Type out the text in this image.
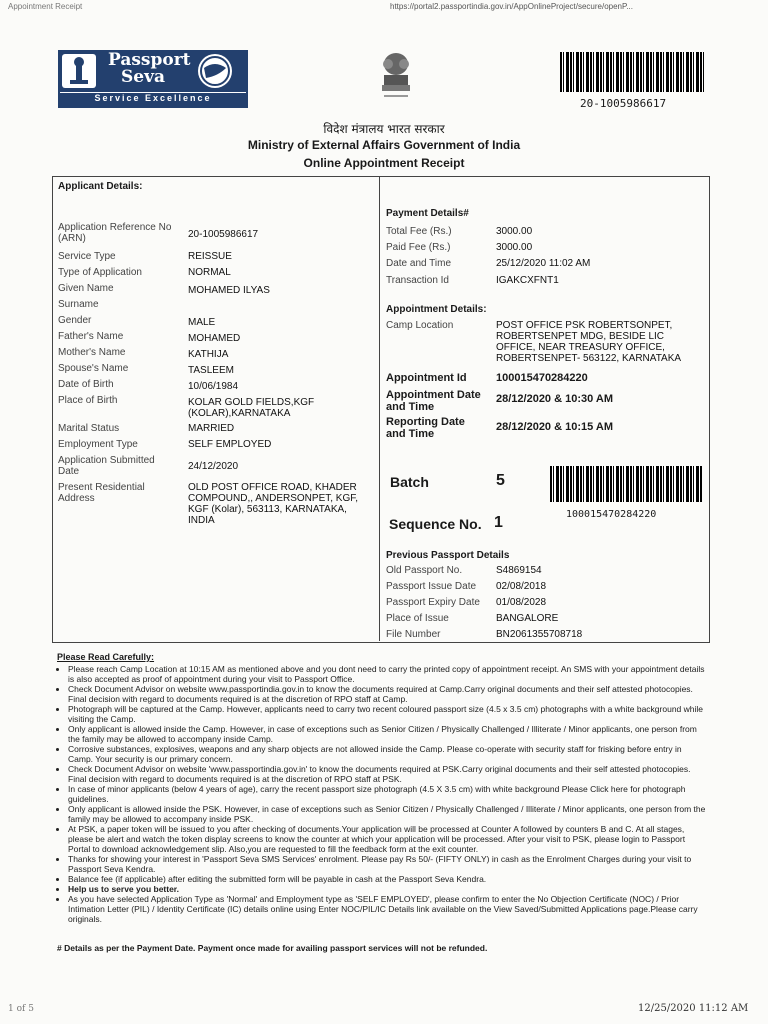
Appointment Receipt	https://portal2.passportindia.gov.in/AppOnlineProject/secure/openP...
Passport
Seva
Service Excellence	20-1005986617
विदेश मंत्रालय भारत सरकार
Ministry of External Affairs Government of India
Online Appointment Receipt
Applicant Details:
Application Reference No (ARN)	20-1005986617
Service Type	REISSUE
Type of Application	NORMAL
Given Name	MOHAMED ILYAS
Surname
Gender	MALE
Father's Name	MOHAMED
Mother's Name	KATHIJA
Spouse's Name	TASLEEM
Date of Birth	10/06/1984
Place of Birth	KOLAR GOLD FIELDS,KGF (KOLAR),KARNATAKA
Marital Status	MARRIED
Employment Type	SELF EMPLOYED
Application Submitted Date	24/12/2020
Present Residential Address
OLD POST OFFICE ROAD, KHADER COMPOUND,, ANDERSONPET, KGF, KGF (Kolar), 563113, KARNATAKA, INDIA
Payment Details#
Total Fee (Rs.)	3000.00
Paid Fee (Rs.)	3000.00
Date and Time	25/12/2020 11:02 AM
Transaction Id	IGAKCXFNT1
Appointment Details:
Camp Location	POST OFFICE PSK ROBERTSONPET, ROBERTSENPET MDG, BESIDE LIC OFFICE, NEAR TREASURY OFFICE, ROBERTSENPET- 563122, KARNATAKA
Appointment Id	100015470284220
Appointment Date and Time
28/12/2020 & 10:30 AM
Reporting Date and Time
28/12/2020 & 10:15 AM
Batch	5
100015470284220
Sequence No. 1
Previous Passport Details
Old Passport No.	S4869154
Passport Issue Date 02/08/2018
Passport Expiry Date 01/08/2028
Place of Issue	BANGALORE
File Number	BN2061355708718
Please Read Carefully:
• Please reach Camp Location at 10:15 AM as mentioned above and you dont need to carry the printed copy of appointment receipt. An SMS with your appointment details is also accepted as proof of appointment during your visit to Passport Office.
• Check Document Advisor on website www.passportindia.gov.in to know the documents required at Camp.Carry original documents and their self attested photocopies. Final decision with regard to documents required is at the discretion of RPO staff at Camp.
• Photograph will be captured at the Camp. However, applicants need to carry two recent coloured passport size (4.5 x 3.5 cm) photographs with a white background while visiting the Camp.
• Only applicant is allowed inside the Camp. However, in case of exceptions such as Senior Citizen / Physically Challenged / Illiterate / Minor applicants, one person from the family may be allowed to accompany inside Camp.
• Corrosive substances, explosives, weapons and any sharp objects are not allowed inside the Camp. Please co-operate with security staff for frisking before entry in Camp. Your security is our primary concern.
• Check Document Advisor on website 'www.passportindia.gov.in' to know the documents required at PSK.Carry original documents and their self attested photocopies. Final decision with regard to documents required is at the discretion of RPO staff at PSK.
• In case of minor applicants (below 4 years of age), carry the recent passport size photograph (4.5 X 3.5 cm) with white background Please Click here for photograph guidelines.
• Only applicant is allowed inside the PSK. However, in case of exceptions such as Senior Citizen / Physically Challenged / Illiterate / Minor applicants, one person from the family may be allowed to accompany inside PSK.
• At PSK, a paper token will be issued to you after checking of documents.Your application will be processed at Counter A followed by counters B and C. At all stages, please be alert and watch the token display screens to know the counter at which your application will be processed. After your visit to PSK, please login to Passport Portal to download acknowledgement slip. Also,you are requested to fill the feedback form at the exit counter.
• Thanks for showing your interest in 'Passport Seva SMS Services' enrolment. Please pay Rs 50/- (FIFTY ONLY) in cash as the Enrolment Charges during your visit to Passport Seva Kendra.
• Balance fee (if applicable) after editing the submitted form will be payable in cash at the Passport Seva Kendra.
• Help us to serve you better.
• As you have selected Application Type as 'Normal' and Employment type as 'SELF EMPLOYED', please confirm to enter the No Objection Certificate (NOC) / Prior Intimation Letter (PIL) / Identity Certificate (IC) details online using Enter NOC/PIL/IC Details link available on the View Saved/Submitted Applications page.Please carry originals.
# Details as per the Payment Date. Payment once made for availing passport services will not be refunded.
1 of 5	12/25/2020 11:12 AM
